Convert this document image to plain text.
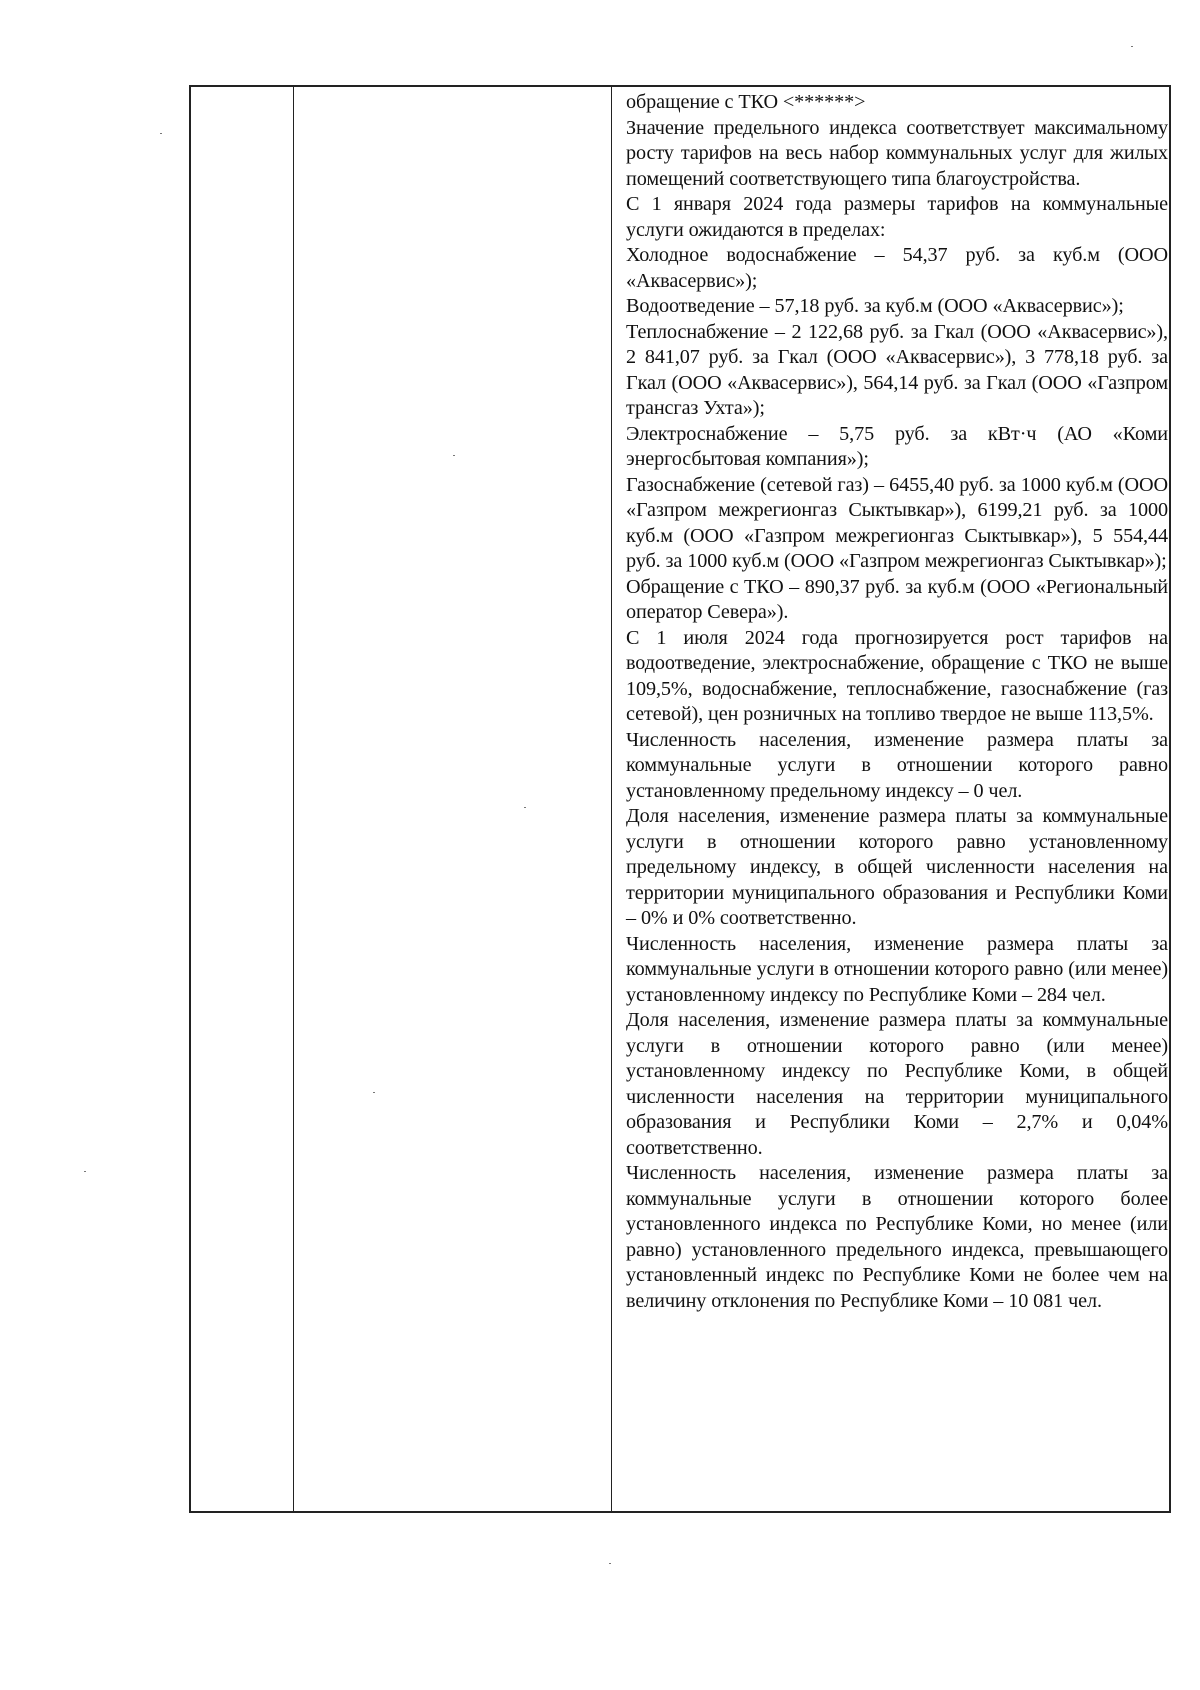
обращение с ТКО <******>

Значение предельного индекса соответствует максимальному росту тарифов на весь набор коммунальных услуг для жилых помещений соответствующего типа благоустройства.

С 1 января 2024 года размеры тарифов на коммунальные услуги ожидаются в пределах:

Холодное водоснабжение – 54,37 руб. за куб.м (ООО «Аквасервис»);

Водоотведение – 57,18 руб. за куб.м (ООО «Аквасервис»);

Теплоснабжение – 2 122,68 руб. за Гкал (ООО «Аквасервис»), 2 841,07 руб. за Гкал (ООО «Аквасервис»), 3 778,18 руб. за Гкал (ООО «Аквасервис»), 564,14 руб. за Гкал (ООО «Газпром трансгаз Ухта»);

Электроснабжение – 5,75 руб. за кВт·ч (АО «Коми энергосбытовая компания»);

Газоснабжение (сетевой газ) – 6455,40 руб. за 1000 куб.м (ООО «Газпром межрегионгаз Сыктывкар»), 6199,21 руб. за 1000 куб.м (ООО «Газпром межрегионгаз Сыктывкар»), 5 554,44 руб. за 1000 куб.м (ООО «Газпром межрегионгаз Сыктывкар»);

Обращение с ТКО – 890,37 руб. за куб.м (ООО «Региональный оператор Севера»).

С 1 июля 2024 года прогнозируется рост тарифов на водоотведение, электроснабжение, обращение с ТКО не выше 109,5%, водоснабжение, теплоснабжение, газоснабжение (газ сетевой), цен розничных на топливо твердое не выше 113,5%.

Численность населения, изменение размера платы за коммунальные услуги в отношении которого равно установленному предельному индексу – 0 чел.

Доля населения, изменение размера платы за коммунальные услуги в отношении которого равно установленному предельному индексу, в общей численности населения на территории муниципального образования и Республики Коми – 0% и 0% соответственно.

Численность населения, изменение размера платы за коммунальные услуги в отношении которого равно (или менее) установленному индексу по Республике Коми – 284 чел.

Доля населения, изменение размера платы за коммунальные услуги в отношении которого равно (или менее) установленному индексу по Республике Коми, в общей численности населения на территории муниципального образования и Республики Коми – 2,7% и 0,04% соответственно.

Численность населения, изменение размера платы за коммунальные услуги в отношении которого более установленного индекса по Республике Коми, но менее (или равно) установленного предельного индекса, превышающего установленный индекс по Республике Коми не более чем на величину отклонения по Республике Коми – 10 081 чел.
